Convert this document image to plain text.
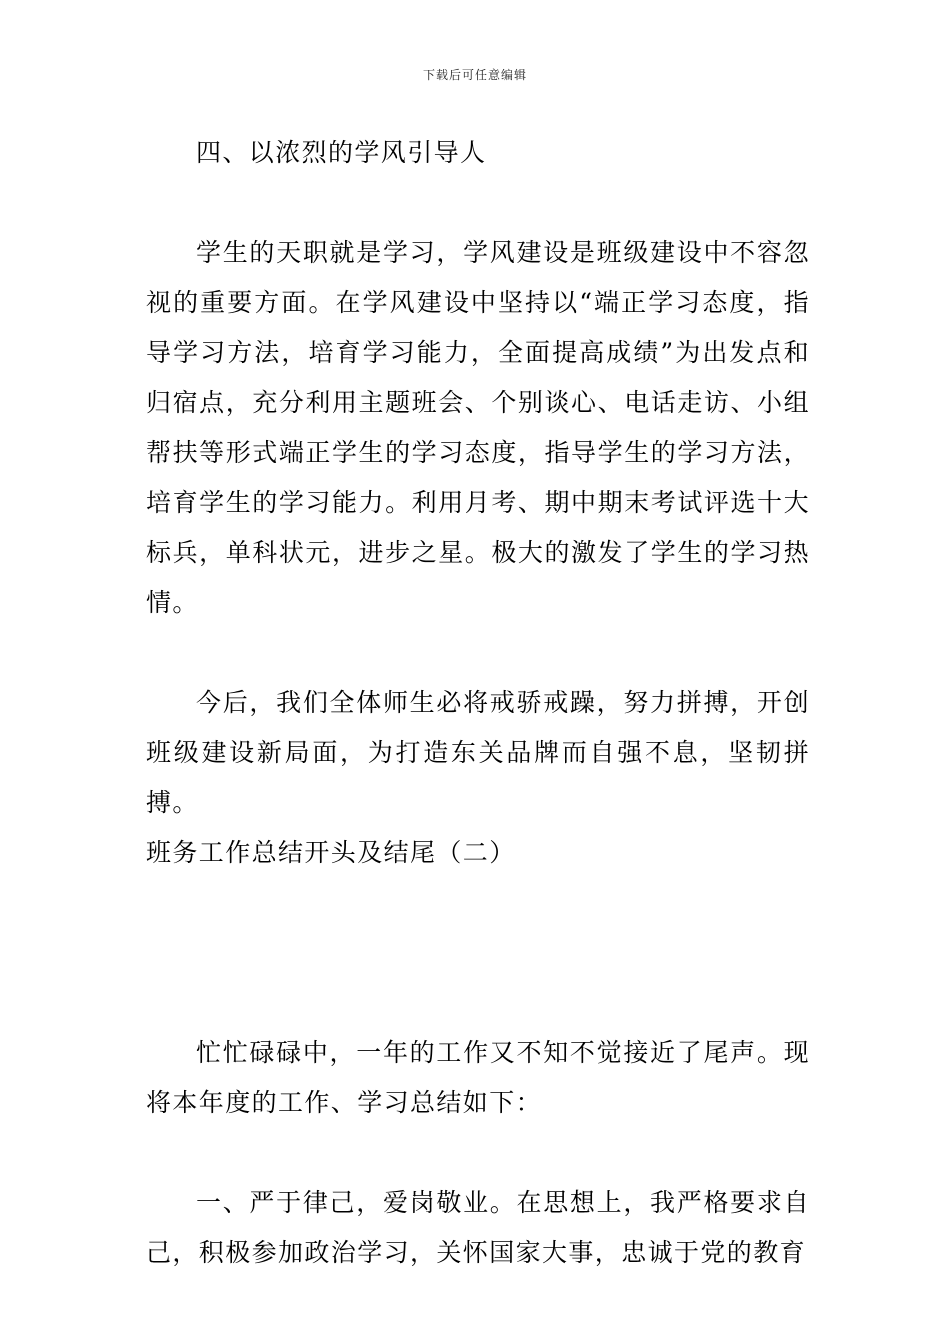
下载后可任意编辑

四、以浓烈的学风引导人

学生的天职就是学习，学风建设是班级建设中不容忽视的重要方面。在学风建设中坚持以“端正学习态度，指导学习方法，培育学习能力，全面提高成绩”为出发点和归宿点，充分利用主题班会、个别谈心、电话走访、小组帮扶等形式端正学生的学习态度，指导学生的学习方法，培育学生的学习能力。利用月考、期中期末考试评选十大标兵，单科状元，进步之星。极大的激发了学生的学习热情。

今后，我们全体师生必将戒骄戒躁，努力拼搏，开创班级建设新局面，为打造东关品牌而自强不息，坚韧拼搏。

班务工作总结开头及结尾（二）

忙忙碌碌中，一年的工作又不知不觉接近了尾声。现将本年度的工作、学习总结如下：

一、严于律己，爱岗敬业。在思想上，我严格要求自己，积极参加政治学习，关怀国家大事，忠诚于党的教育
